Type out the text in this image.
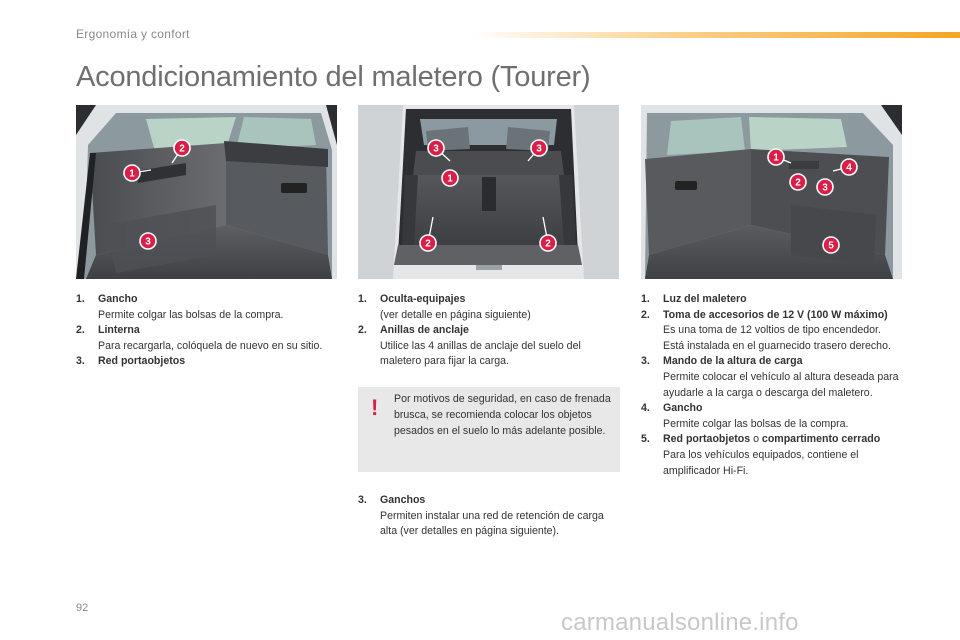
Ergonomía y confort
Acondicionamiento del maletero (Tourer)
1
2
3
3	3
1
2	2
1
2 3
4
5
1.	Gancho
Permite colgar las bolsas de la compra.
2.	Linterna
Para recargarla, colóquela de nuevo en su sitio.
3.	Red portaobjetos
1.	Oculta-equipajes
(ver detalle en página siguiente)
2.	Anillas de anclaje
Utilice las 4 anillas de anclaje del suelo del maletero para fijar la carga.
! Por motivos de seguridad, en caso de frenada brusca, se recomienda colocar los objetos pesados en el suelo lo más adelante posible.
3.	Ganchos
Permiten instalar una red de retención de carga alta (ver detalles en página siguiente).
1.	Luz del maletero
2.	Toma de accesorios de 12 V (100 W máximo)
Es una toma de 12 voltios de tipo encendedor. Está instalada en el guarnecido trasero derecho.
3.	Mando de la altura de carga
Permite colocar el vehículo al altura deseada para ayudarle a la carga o descarga del maletero.
4.	Gancho
Permite colgar las bolsas de la compra.
5.	Red portaobjetos o compartimento cerrado
Para los vehículos equipados, contiene el amplificador Hi-Fi.
92
carmanualsonline.info
